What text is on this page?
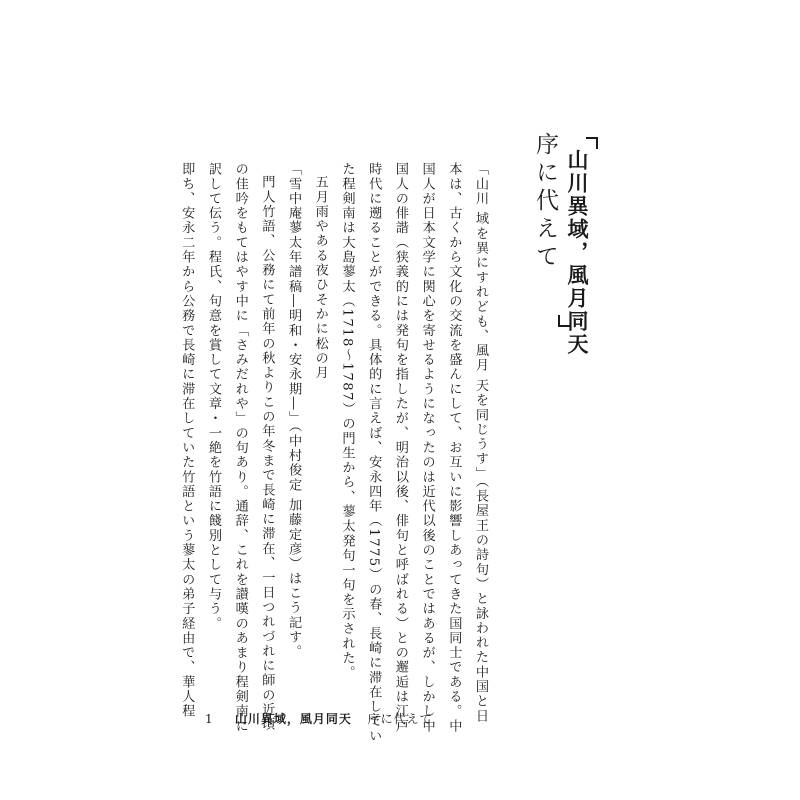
山川異域，風月同天
序に代えて

「山川 域を異にすれども、風月 天を同じうす」（長屋王の詩句）と詠われた中国と日

本は、古くから文化の交流を盛んにして、お互いに影響しあってきた国同士である。中

国人が日本文学に関心を寄せるようになったのは近代以後のことではあるが、しかし中

国人の俳諧（狭義的には発句を指したが、明治以後、俳句と呼ばれる）との邂逅は江戸

時代に遡ることができる。具体的に言えば、安永四年（1775）の春、長崎に滞在してい

た程剣南は大島蓼太（1718～1787）の門生から、蓼太発句一句を示された。

五月雨やある夜ひそかに松の月

「雪中庵蓼太年譜稿―明和・安永期―」（中村俊定 加藤定彦）はこう記す。

門人竹語、公務にて前年の秋よりこの年冬まで長崎に滞在、一日つれづれに師の近頃

の佳吟をもてはやす中に「さみだれや」の句あり。通辞、これを讃嘆のあまり程剣南に

訳して伝う。程氏、句意を賞して文章・一絶を竹語に餞別として与う。

即ち、安永二年から公務で長崎に滞在していた竹語という蓼太の弟子経由で、華人程

1 山川異域，風月同天 序に代えて
